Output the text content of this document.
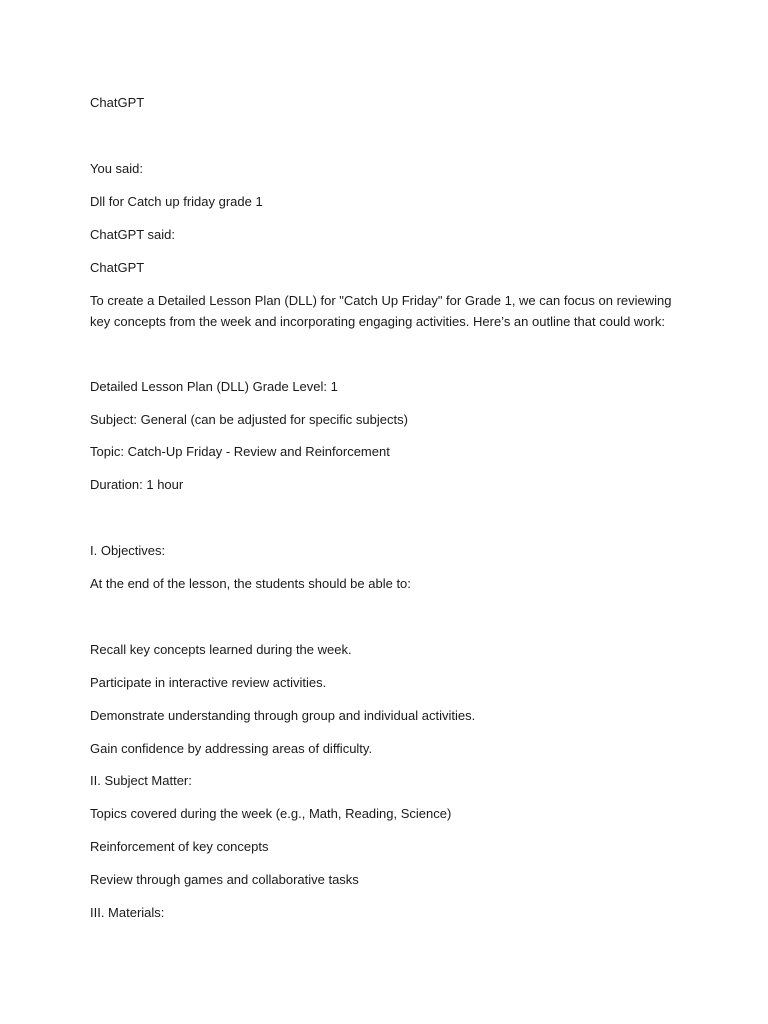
ChatGPT
You said:
Dll for Catch up friday grade 1
ChatGPT said:
ChatGPT
To create a Detailed Lesson Plan (DLL) for "Catch Up Friday" for Grade 1, we can focus on reviewing key concepts from the week and incorporating engaging activities. Here’s an outline that could work:
Detailed Lesson Plan (DLL) Grade Level: 1
Subject: General (can be adjusted for specific subjects)
Topic: Catch-Up Friday - Review and Reinforcement
Duration: 1 hour
I. Objectives:
At the end of the lesson, the students should be able to:
Recall key concepts learned during the week.
Participate in interactive review activities.
Demonstrate understanding through group and individual activities.
Gain confidence by addressing areas of difficulty.
II. Subject Matter:
Topics covered during the week (e.g., Math, Reading, Science)
Reinforcement of key concepts
Review through games and collaborative tasks
III. Materials:
